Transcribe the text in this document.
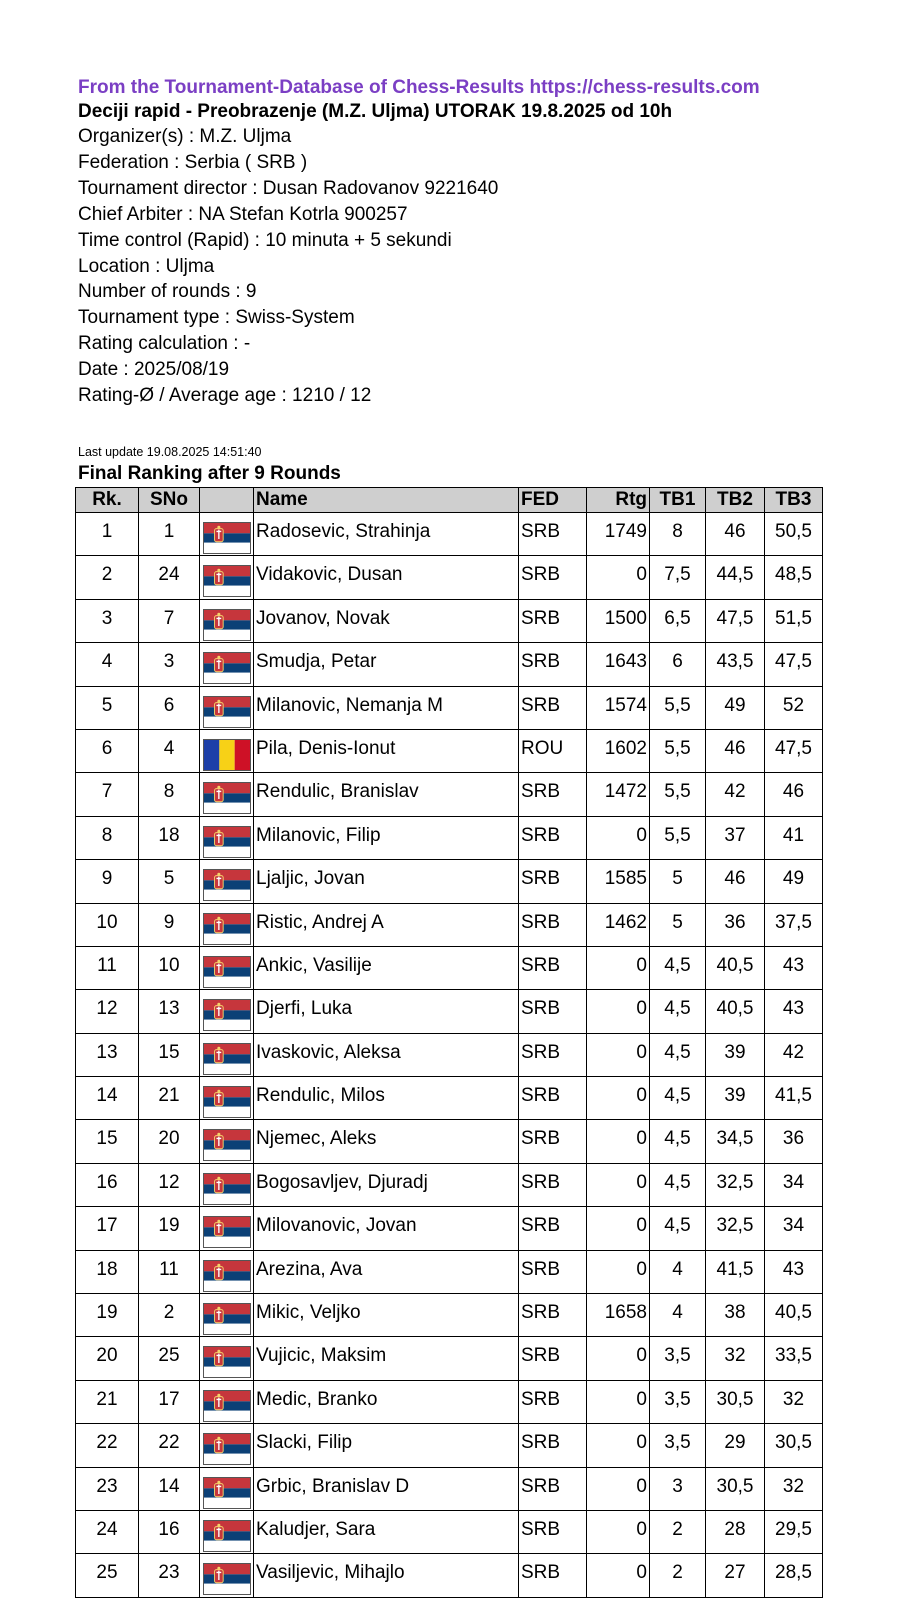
From the Tournament-Database of Chess-Results https://chess-results.com
Deciji rapid - Preobrazenje (M.Z. Uljma) UTORAK 19.8.2025 od 10h
Organizer(s) : M.Z. Uljma
Federation : Serbia ( SRB )
Tournament director : Dusan Radovanov 9221640
Chief Arbiter : NA Stefan Kotrla 900257
Time control (Rapid) : 10 minuta + 5 sekundi
Location : Uljma
Number of rounds : 9
Tournament type : Swiss-System
Rating calculation : -
Date : 2025/08/19
Rating-Ø / Average age : 1210 / 12
Last update 19.08.2025 14:51:40
Final Ranking after 9 Rounds
Rk.	SNo		Name	FED	Rtg	TB1	TB2	TB3
1	1		Radosevic, Strahinja	SRB	1749	8	46	50,5
2	24		Vidakovic, Dusan	SRB	0	7,5	44,5	48,5
3	7		Jovanov, Novak	SRB	1500	6,5	47,5	51,5
4	3		Smudja, Petar	SRB	1643	6	43,5	47,5
5	6		Milanovic, Nemanja M	SRB	1574	5,5	49	52
6	4		Pila, Denis-Ionut	ROU	1602	5,5	46	47,5
7	8		Rendulic, Branislav	SRB	1472	5,5	42	46
8	18		Milanovic, Filip	SRB	0	5,5	37	41
9	5		Ljaljic, Jovan	SRB	1585	5	46	49
10	9		Ristic, Andrej A	SRB	1462	5	36	37,5
11	10		Ankic, Vasilije	SRB	0	4,5	40,5	43
12	13		Djerfi, Luka	SRB	0	4,5	40,5	43
13	15		Ivaskovic, Aleksa	SRB	0	4,5	39	42
14	21		Rendulic, Milos	SRB	0	4,5	39	41,5
15	20		Njemec, Aleks	SRB	0	4,5	34,5	36
16	12		Bogosavljev, Djuradj	SRB	0	4,5	32,5	34
17	19		Milovanovic, Jovan	SRB	0	4,5	32,5	34
18	11		Arezina, Ava	SRB	0	4	41,5	43
19	2		Mikic, Veljko	SRB	1658	4	38	40,5
20	25		Vujicic, Maksim	SRB	0	3,5	32	33,5
21	17		Medic, Branko	SRB	0	3,5	30,5	32
22	22		Slacki, Filip	SRB	0	3,5	29	30,5
23	14		Grbic, Branislav D	SRB	0	3	30,5	32
24	16		Kaludjer, Sara	SRB	0	2	28	29,5
25	23		Vasiljevic, Mihajlo	SRB	0	2	27	28,5
